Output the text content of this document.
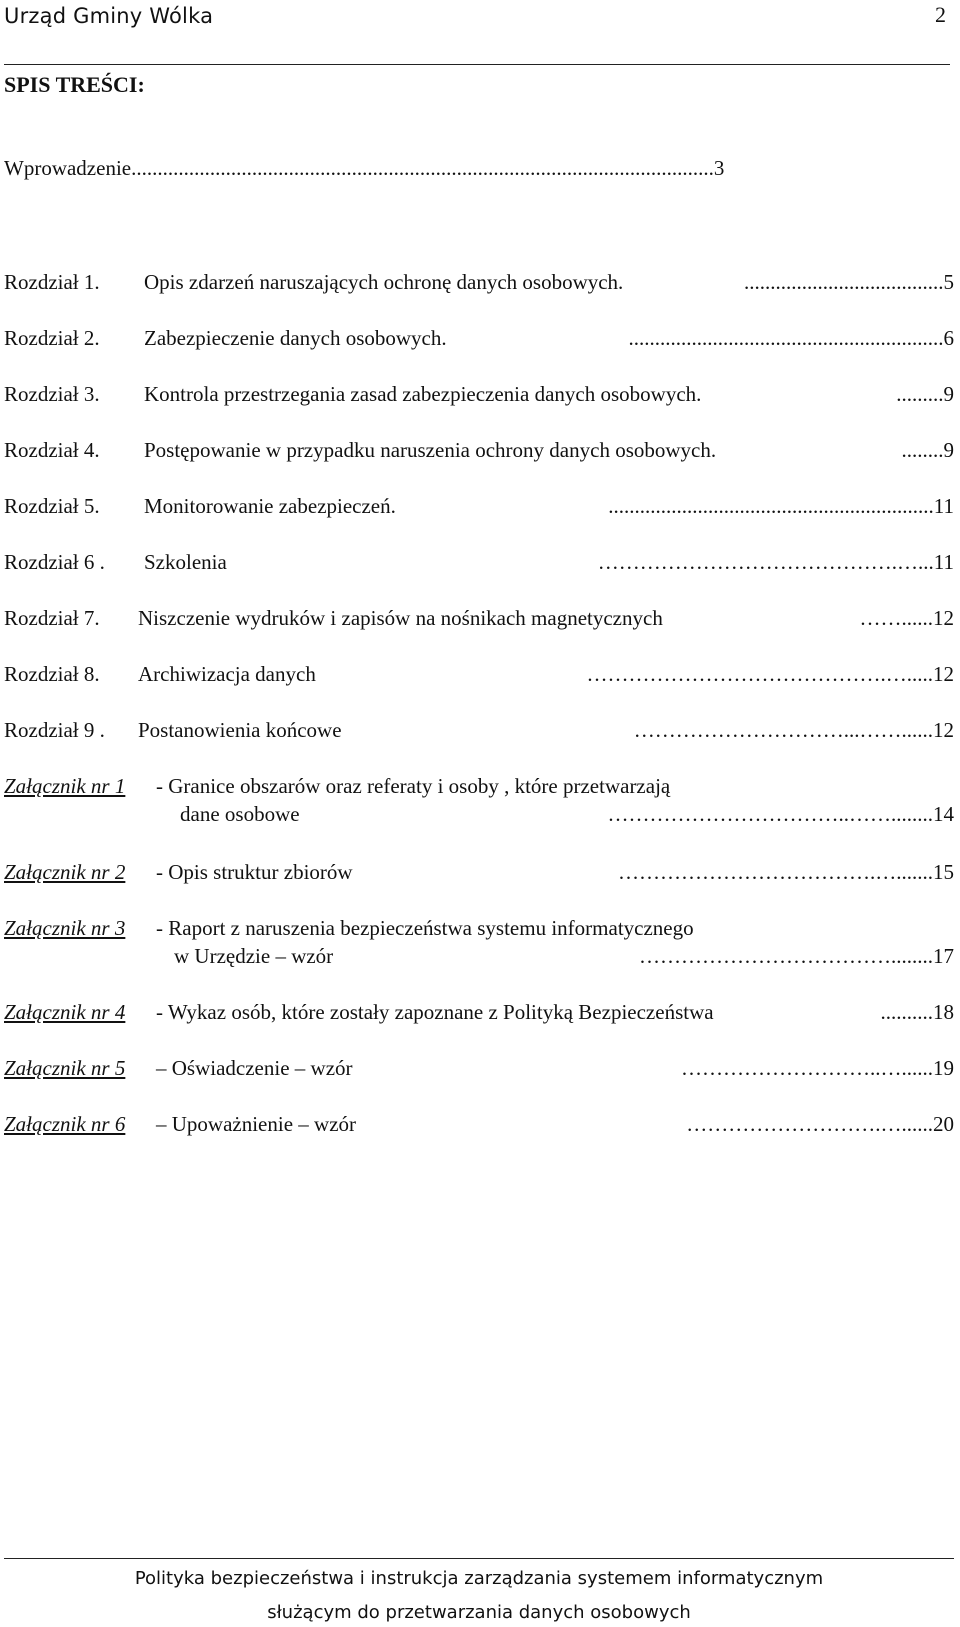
Urząd Gminy Wólka	2
SPIS TREŚCI:
Wprowadzenie...............................................................................................................3
Rozdział 1. Opis zdarzeń naruszających ochronę danych osobowych.	......................................5
Rozdział 2. Zabezpieczenie danych osobowych.	............................................................6
Rozdział 3. Kontrola przestrzegania zasad zabezpieczenia danych osobowych.	.........9
Rozdział 4. Postępowanie w przypadku naruszenia ochrony danych osobowych.	........9
Rozdział 5. Monitorowanie zabezpieczeń.	..............................................................11
Rozdział 6 . Szkolenia	…………………………………….…...11
Rozdział 7. Niszczenie wydruków i zapisów na nośnikach magnetycznych	……......12
Rozdział 8. Archiwizacja danych	…………………………………….….....12
Rozdział 9 . Postanowienia końcowe	…………………………...……......12
Załącznik nr 1 - Granice obszarów oraz referaty i osoby , które przetwarzają
dane osobowe	……………………………..……........14
Załącznik nr 2 - Opis struktur zbiorów	……………………………….….......15
Załącznik nr 3 - Raport z naruszenia bezpieczeństwa systemu informatycznego
w Urzędzie – wzór	………………………………........17
Załącznik nr 4 - Wykaz osób, które zostały zapoznane z Polityką Bezpieczeństwa	..........18
Załącznik nr 5 – Oświadczenie – wzór	………………………..…......19
Załącznik nr 6 – Upoważnienie – wzór	……………………….…......20
Polityka bezpieczeństwa i instrukcja zarządzania systemem informatycznym
służącym do przetwarzania danych osobowych
